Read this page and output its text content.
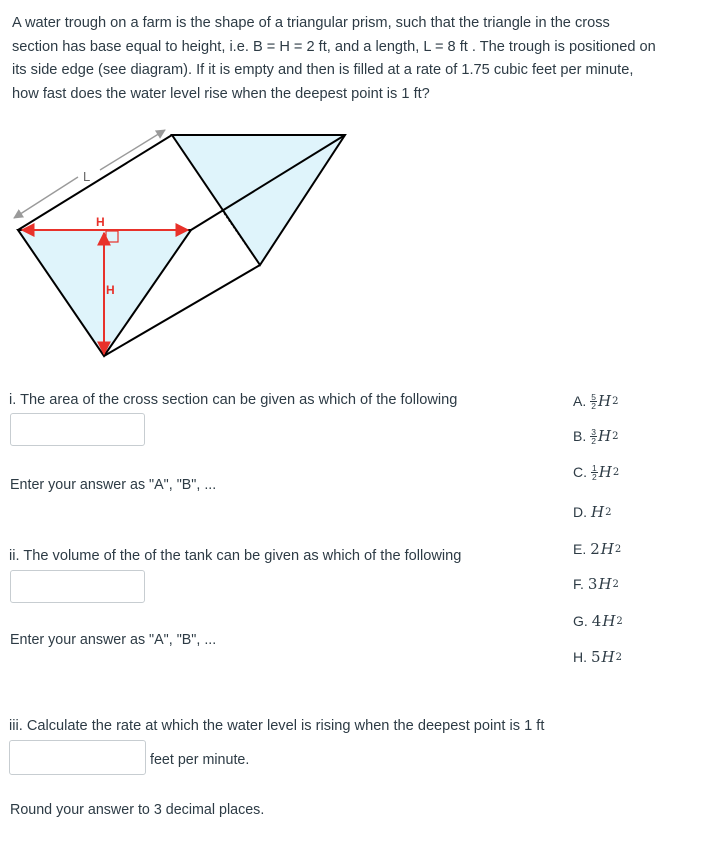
A water trough on a farm is the shape of a triangular prism, such that the triangle in the cross

section has base equal to height, i.e. B = H = 2 ft, and a length, L = 8 ft . The trough is positioned on

its side edge (see diagram). If it is empty and then is filled at a rate of 1.75 cubic feet per minute,

how fast does the water level rise when the deepest point is 1 ft?

L
H
H
i. The area of the cross section can be given as which of the following
Enter your answer as "A", "B", ...
ii. The volume of the of the tank can be given as which of the following
Enter your answer as "A", "B", ...
iii. Calculate the rate at which the water level is rising when the deepest point is 1 ft
feet per minute.
Round your answer to 3 decimal places.
A. $\frac{5}{2}$ H 2
B. $\frac{3}{2}$ H 2
C. $\frac{1}{2}$ H 2
D. H 2
E. 2 H 2
F. 3 H 2
G. 4 H 2
H. 5 H 2
